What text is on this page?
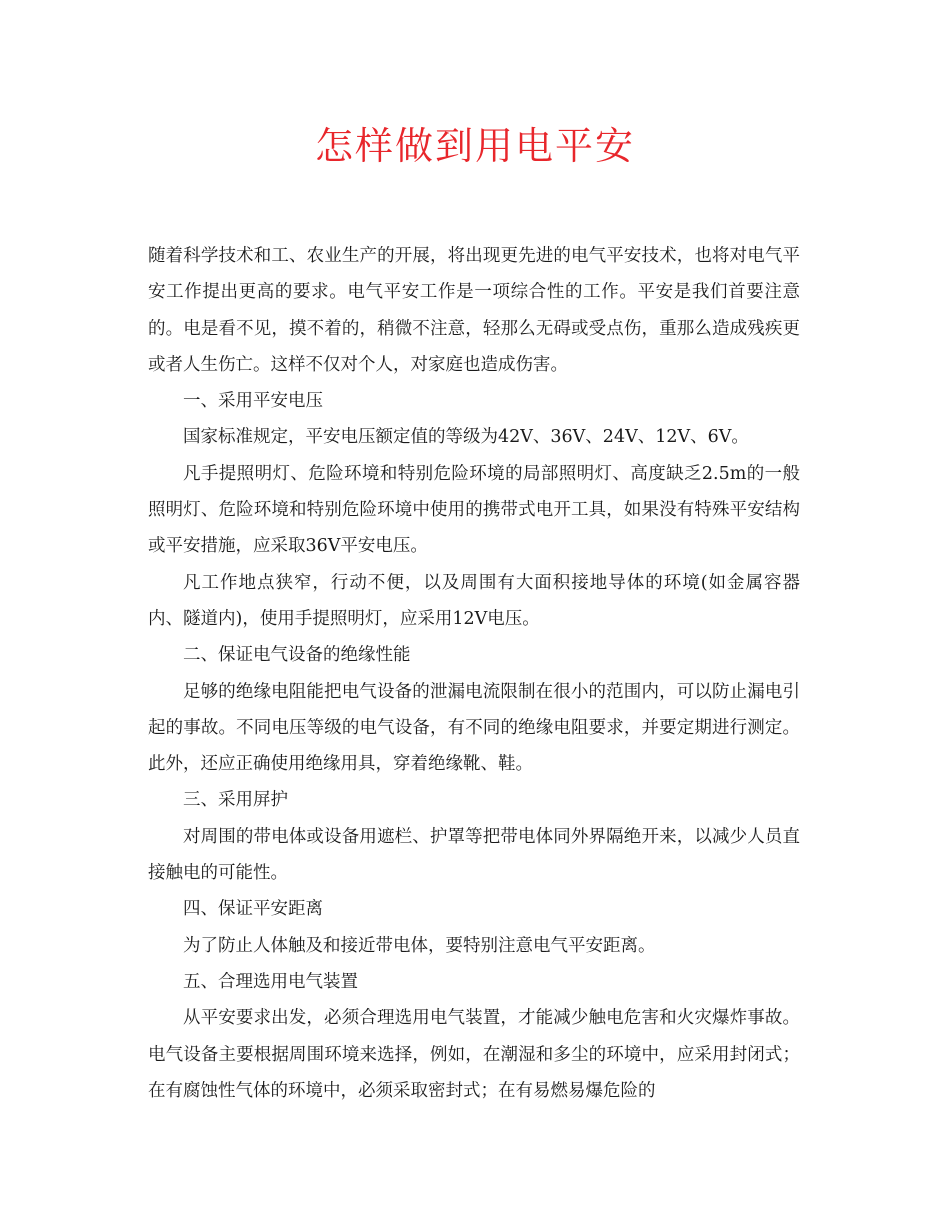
怎样做到用电平安

随着科学技术和工、农业生产的开展，将出现更先进的电气平安技术，也将对电气平安工作提出更高的要求。电气平安工作是一项综合性的工作。平安是我们首要注意的。电是看不见，摸不着的，稍微不注意，轻那么无碍或受点伤，重那么造成残疾更或者人生伤亡。这样不仅对个人，对家庭也造成伤害。

一、采用平安电压

国家标准规定，平安电压额定值的等级为42V、36V、24V、12V、6V。

凡手提照明灯、危险环境和特别危险环境的局部照明灯、高度缺乏2.5m的一般照明灯、危险环境和特别危险环境中使用的携带式电开工具，如果没有特殊平安结构或平安措施，应采取36V平安电压。

凡工作地点狭窄，行动不便，以及周围有大面积接地导体的环境(如金属容器内、隧道内)，使用手提照明灯，应采用12V电压。

二、保证电气设备的绝缘性能

足够的绝缘电阻能把电气设备的泄漏电流限制在很小的范围内，可以防止漏电引起的事故。不同电压等级的电气设备，有不同的绝缘电阻要求，并要定期进行测定。此外，还应正确使用绝缘用具，穿着绝缘靴、鞋。

三、采用屏护

对周围的带电体或设备用遮栏、护罩等把带电体同外界隔绝开来，以减少人员直接触电的可能性。

四、保证平安距离

为了防止人体触及和接近带电体，要特别注意电气平安距离。

五、合理选用电气装置

从平安要求出发，必须合理选用电气装置，才能减少触电危害和火灾爆炸事故。电气设备主要根据周围环境来选择，例如，在潮湿和多尘的环境中，应采用封闭式；在有腐蚀性气体的环境中，必须采取密封式；在有易燃易爆危险的
